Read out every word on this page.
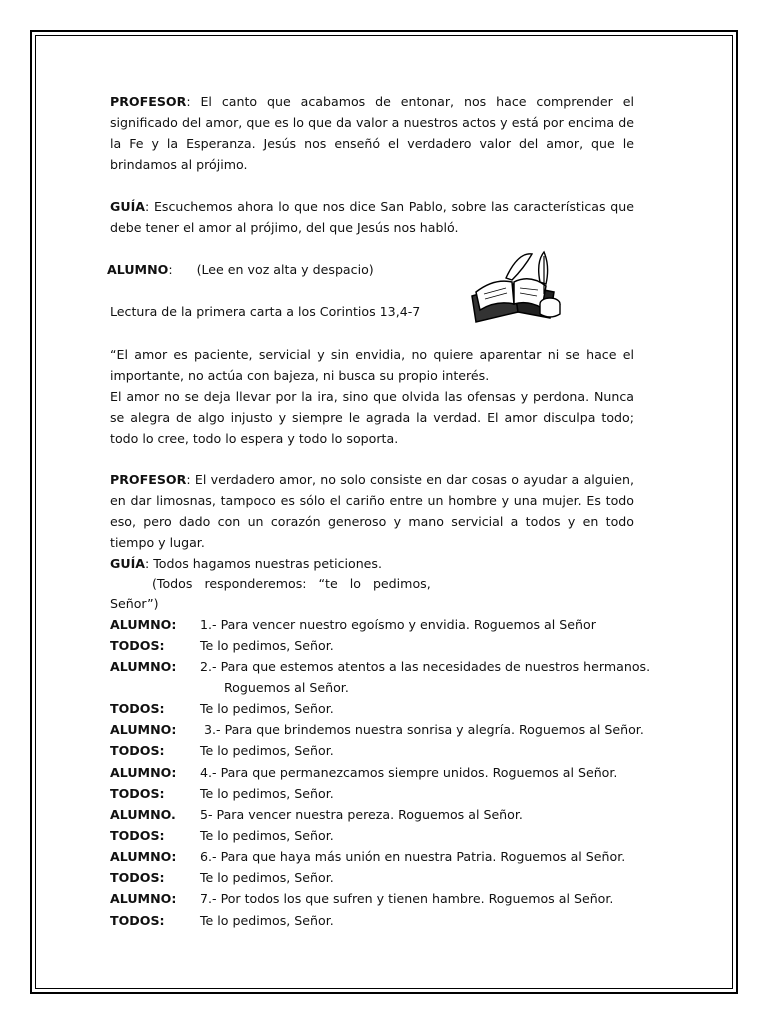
PROFESOR: El canto que acabamos de entonar, nos hace comprender el significado del amor, que es lo que da valor a nuestros actos y está por encima de la Fe y la Esperanza. Jesús nos enseñó el verdadero valor del amor, que le brindamos al prójimo.

GUÍA: Escuchemos ahora lo que nos dice San Pablo, sobre las características que debe tener el amor al prójimo, del que Jesús nos habló.

ALUMNO: (Lee en voz alta y despacio)
Lectura de la primera carta a los Corintios 13,4-7

“El amor es paciente, servicial y sin envidia, no quiere aparentar ni se hace el importante, no actúa con bajeza, ni busca su propio interés.

El amor no se deja llevar por la ira, sino que olvida las ofensas y perdona. Nunca se alegra de algo injusto y siempre le agrada la verdad. El amor disculpa todo; todo lo cree, todo lo espera y todo lo soporta.

PROFESOR: El verdadero amor, no solo consiste en dar cosas o ayudar a alguien, en dar limosnas, tampoco es sólo el cariño entre un hombre y una mujer. Es todo eso, pero dado con un corazón generoso y mano servicial a todos y en todo tiempo y lugar.

GUÍA: Todos hagamos nuestras peticiones.
(Todos   responderemos:   “te   lo   pedimos,
Señor”)
ALUMNO: 1.- Para vencer nuestro egoísmo y envidia. Roguemos al Señor
TODOS:	Te lo pedimos, Señor.
ALUMNO: 2.- Para que estemos atentos a las necesidades de nuestros hermanos.
Roguemos al Señor.
TODOS:	Te lo pedimos, Señor.
ALUMNO: 3.- Para que brindemos nuestra sonrisa y alegría. Roguemos al Señor.
TODOS:	Te lo pedimos, Señor.
ALUMNO: 4.- Para que permanezcamos siempre unidos. Roguemos al Señor.
TODOS:	Te lo pedimos, Señor.
ALUMNO. 5- Para vencer nuestra pereza. Roguemos al Señor.
TODOS:	Te lo pedimos, Señor.
ALUMNO: 6.- Para que haya más unión en nuestra Patria. Roguemos al Señor.
TODOS:	Te lo pedimos, Señor.
ALUMNO: 7.- Por todos los que sufren y tienen hambre. Roguemos al Señor.
TODOS:	Te lo pedimos, Señor.
